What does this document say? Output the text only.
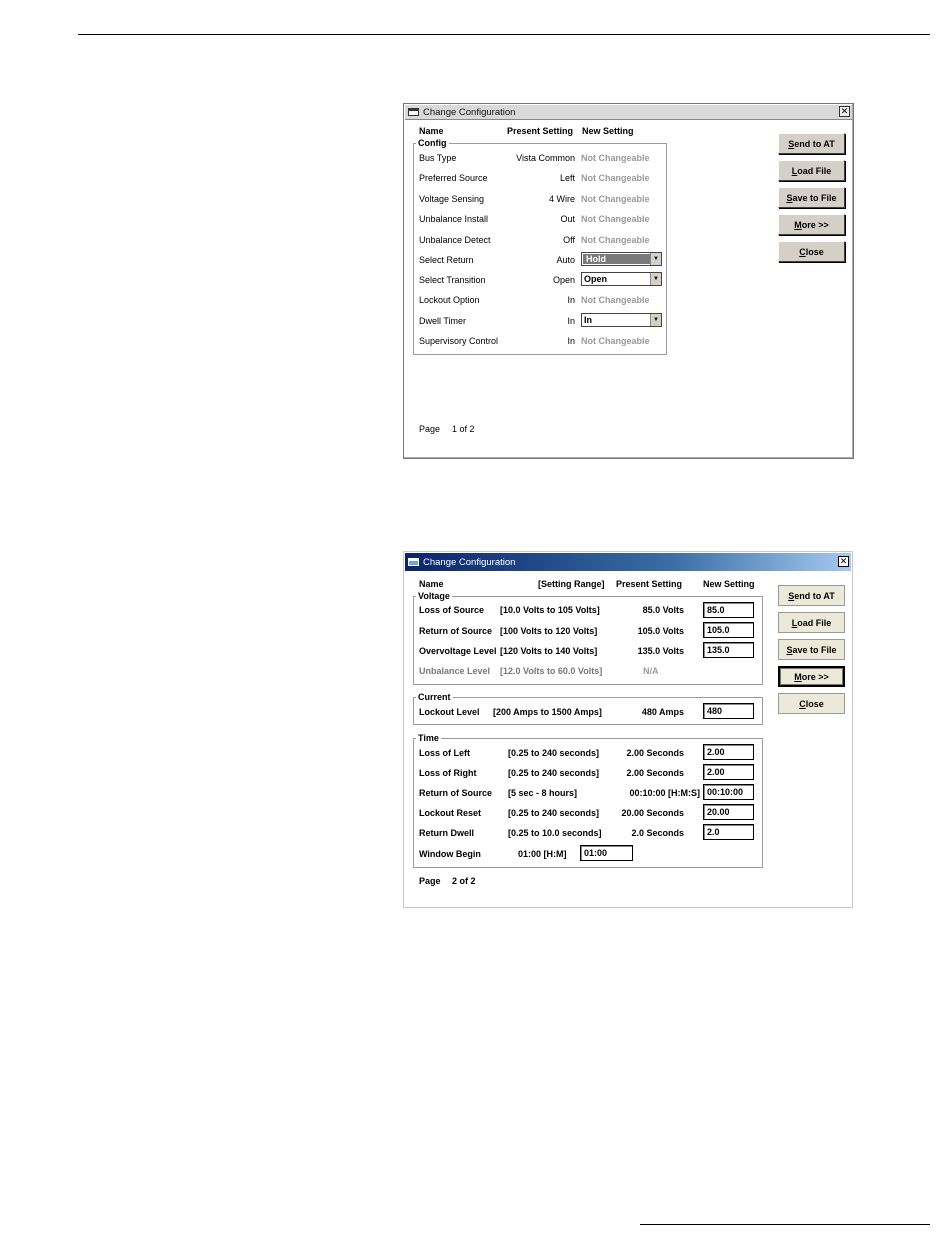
Change Configuration	✕
Name	Present Setting New Setting
Config
Bus Type	Vista Common Not Changeable
Preferred Source	Left Not Changeable
Voltage Sensing	4 Wire Not Changeable
Unbalance Install	Out Not Changeable
Unbalance Detect	Off Not Changeable
Select Return	Auto	Hold	▼
Select Transition	Open Open	▼
Lockout Option	In Not Changeable
Dwell Timer	In In	▼
Supervisory Control	In Not Changeable
Page 1 of 2
S end to AT
L oad File
S ave to File
M ore >>
C lose
Change Configuration	✕
Name	[Setting Range] Present Setting New Setting
Voltage
Loss of Source [10.0 Volts to 105 Volts]	85.0 Volts	85.0
Return of Source [100 Volts to 120 Volts]	105.0 Volts	105.0
Overvoltage Level [120 Volts to 140 Volts]	135.0 Volts	135.0
Unbalance Level [12.0 Volts to 60.0 Volts]	N/A
Current
Lockout Level [200 Amps to 1500 Amps]	480 Amps	480
Time
Loss of Left	[0.25 to 240 seconds]	2.00 Seconds	2.00
Loss of Right	[0.25 to 240 seconds]	2.00 Seconds	2.00
Return of Source [5 sec - 8 hours]	00:10:00 [H:M:S] 00:10:00
Lockout Reset	[0.25 to 240 seconds]	20.00 Seconds	20.00
Return Dwell	[0.25 to 10.0 seconds]	2.0 Seconds	2.0
Window Begin	01:00 [H:M]	01:00
Page 2 of 2
S end to AT
L oad File
S ave to File
M ore >>
C lose
